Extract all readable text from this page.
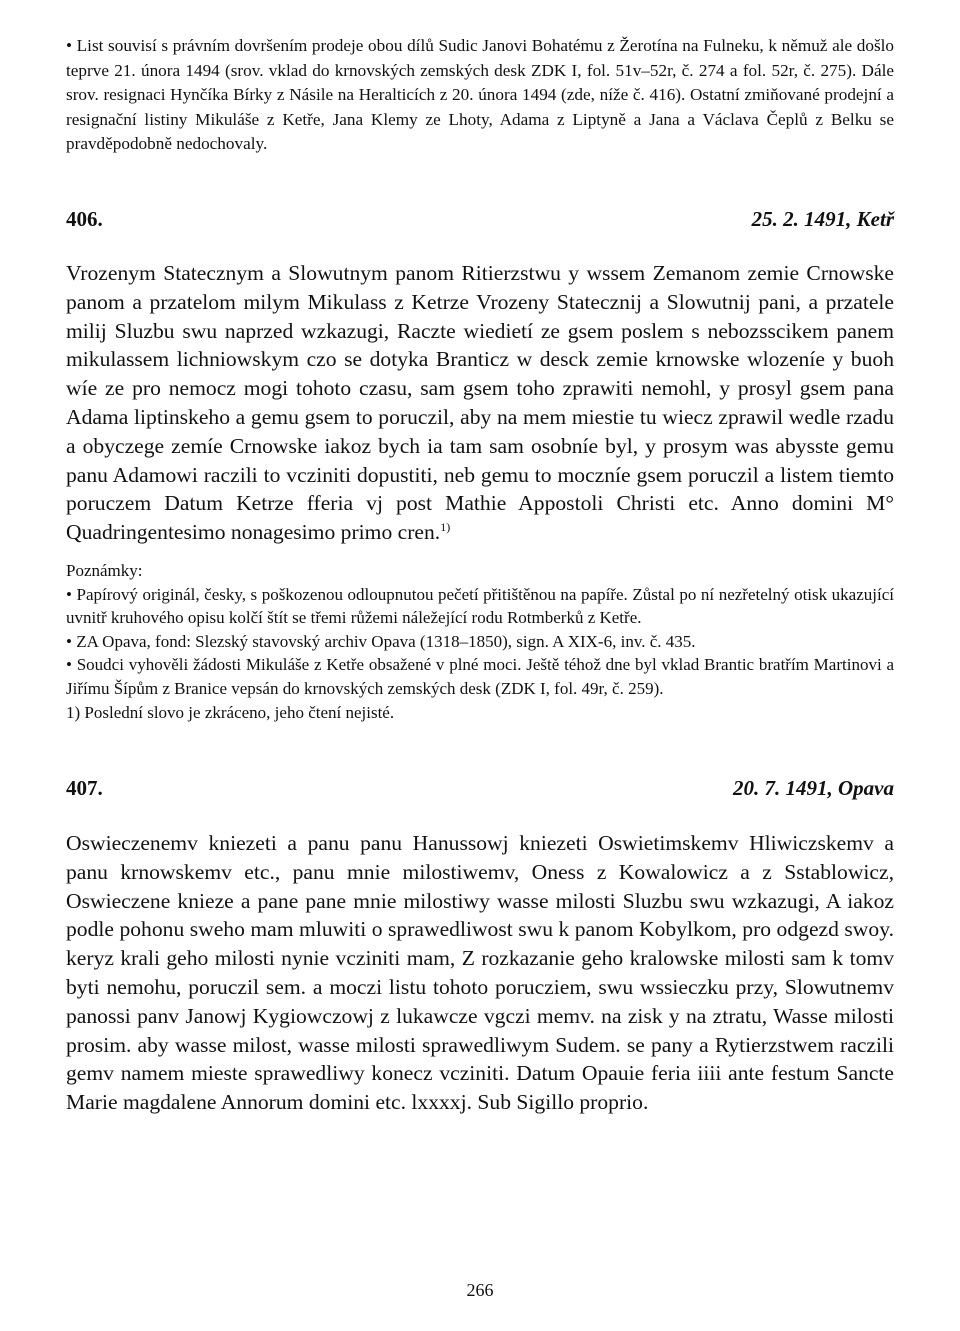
• List souvisí s právním dovršením prodeje obou dílů Sudic Janovi Bohatému z Žerotína na Fulneku, k němuž ale došlo teprve 21. února 1494 (srov. vklad do krnovských zemských desk ZDK I, fol. 51v–52r, č. 274 a fol. 52r, č. 275). Dále srov. resignaci Hynčíka Bírky z Násile na Heralticích z 20. února 1494 (zde, níže č. 416). Ostatní zmiňované prodejní a resignační listiny Mikuláše z Ketře, Jana Klemy ze Lhoty, Adama z Liptyně a Jana a Václava Čeplů z Belku se pravděpodobně nedochovaly.

406.	25. 2. 1491, Ketř

Vrozenym Statecznym a Slowutnym panom Ritierzstwu y wssem Zemanom zemie Crnowske panom a przatelom milym Mikulass z Ketrze Vrozeny Statecznij a Slowutnij pani, a przatele milij Sluzbu swu naprzed wzkazugi, Raczte wiedietí ze gsem poslem s nebozsscikem panem mikulassem lichniowskym czo se dotyka Branticz w desck zemie krnowske wlozeníe y buoh wíe ze pro nemocz mogi tohoto czasu, sam gsem toho zprawiti nemohl, y prosyl gsem pana Adama liptinskeho a gemu gsem to poruczil, aby na mem miestie tu wiecz zprawil wedle rzadu a obyczege zemíe Crnowske iakoz bych ia tam sam osobníe byl, y prosym was abysste gemu panu Adamowi raczili to vcziniti dopustiti, neb gemu to moczníe gsem poruczil a listem tiemto poruczem Datum Ketrze fferia vj post Mathie Appostoli Christi etc. Anno domini M° Quadringentesimo nonagesimo primo cren.$^{1)}$

Poznámky:

• Papírový originál, česky, s poškozenou odloupnutou pečetí přitištěnou na papíře. Zůstal po ní nezřetelný otisk ukazující uvnitř kruhového opisu kolčí štít se třemi růžemi náležející rodu Rotmberků z Ketře.

• ZA Opava, fond: Slezský stavovský archiv Opava (1318–1850), sign. A XIX-6, inv. č. 435.

• Soudci vyhověli žádosti Mikuláše z Ketře obsažené v plné moci. Ještě téhož dne byl vklad Brantic bratřím Martinovi a Jiřímu Šípům z Branice vepsán do krnovských zemských desk (ZDK I, fol. 49r, č. 259).

1) Poslední slovo je zkráceno, jeho čtení nejisté.

407.	20. 7. 1491, Opava

Oswieczenemv kniezeti a panu panu Hanussowj kniezeti Oswietimskemv Hliwiczskemv a panu krnowskemv etc., panu mnie milostiwemv, Oness z Kowalowicz a z Sstablowicz, Oswieczene knieze a pane pane mnie milostiwy wasse milosti Sluzbu swu wzkazugi, A iakoz podle pohonu sweho mam mluwiti o sprawedliwost swu k panom Kobylkom, pro odgezd swoy. keryz krali geho milosti nynie vcziniti mam, Z rozkazanie geho kralowske milosti sam k tomv byti nemohu, poruczil sem. a moczi listu tohoto porucziem, swu wssieczku przy, Slowutnemv panossi panv Janowj Kygiowczowj z lukawcze vgczi memv. na zisk y na ztratu, Wasse milosti prosim. aby wasse milost, wasse milosti sprawedliwym Sudem. se pany a Rytierzstwem raczili gemv namem mieste sprawedliwy konecz vcziniti. Datum Opauie feria iiii ante festum Sancte Marie magdalene Annorum domini etc. lxxxxj. Sub Sigillo proprio.

266
